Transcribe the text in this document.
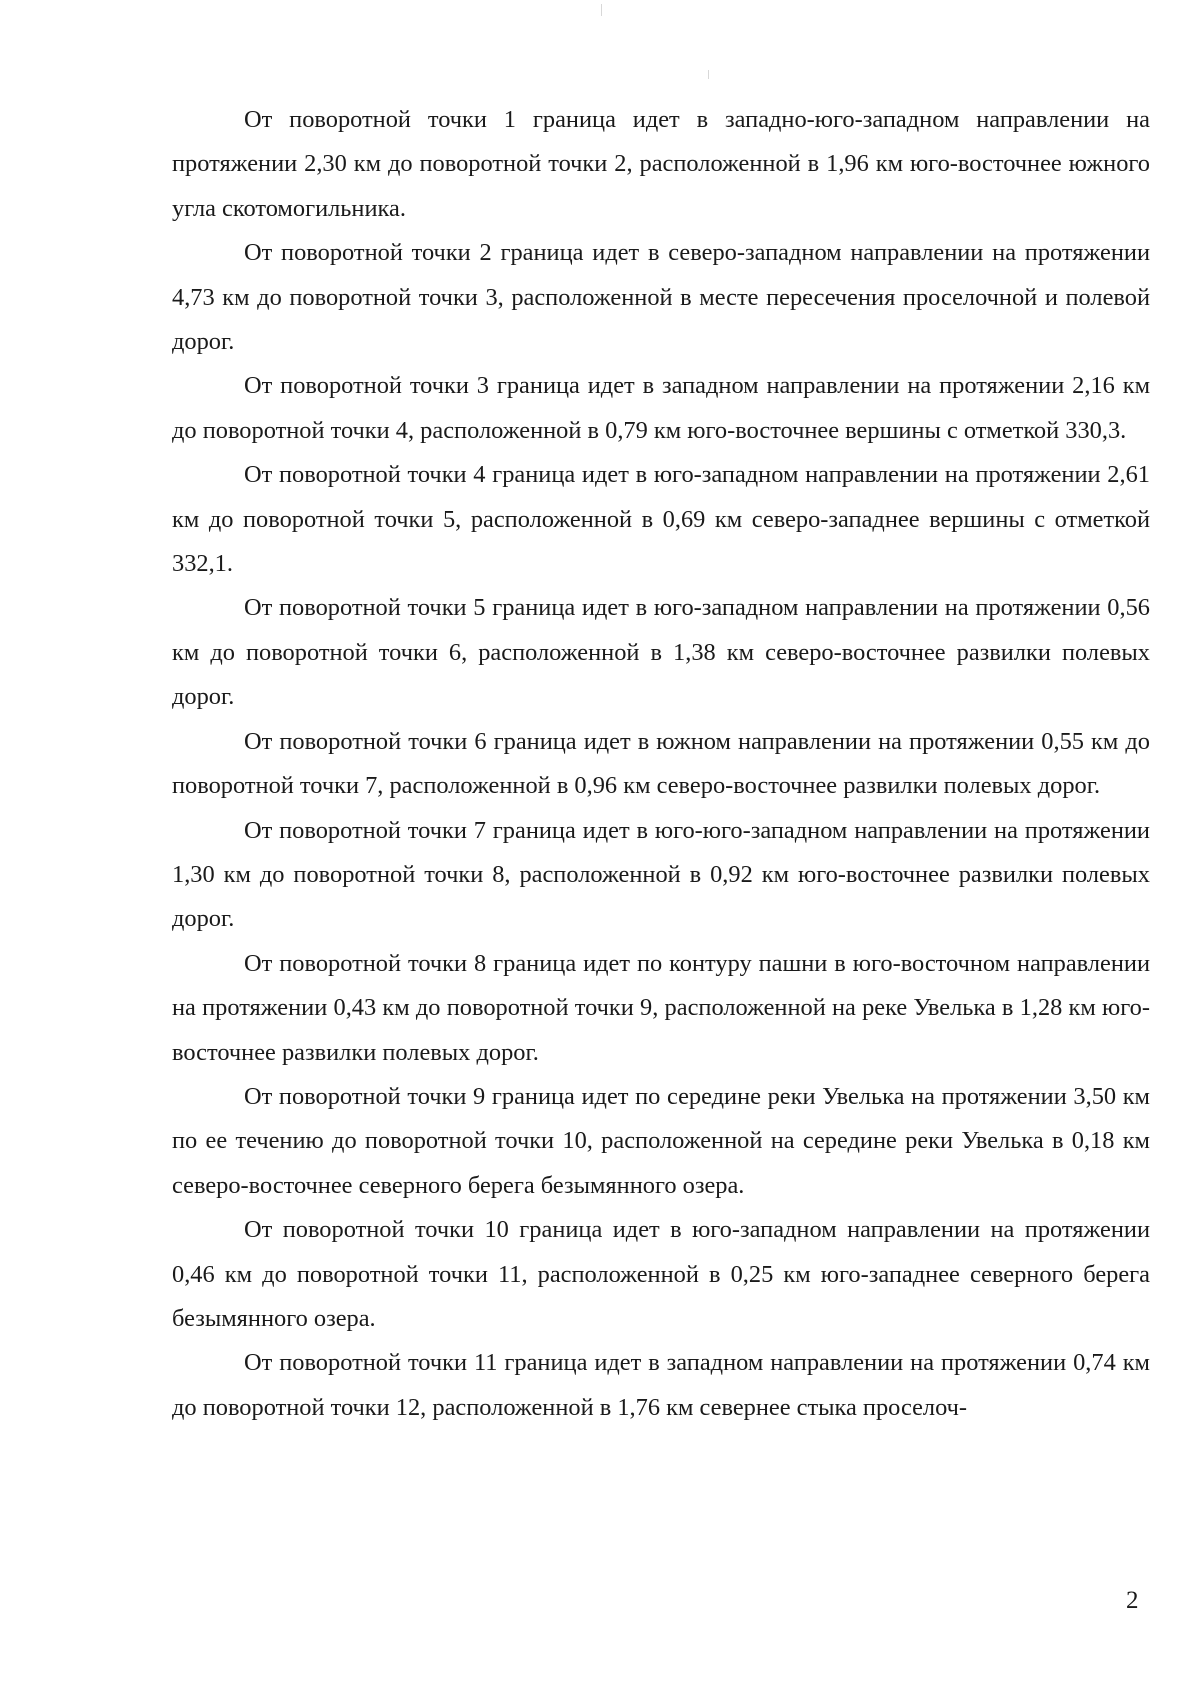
От поворотной точки 1 граница идет в западно-юго-западном направлении на протяжении 2,30 км до поворотной точки 2, расположенной в 1,96 км юго-восточнее южного угла скотомогильника.

От поворотной точки 2 граница идет в северо-западном направлении на протяжении 4,73 км до поворотной точки 3, расположенной в месте пересечения проселочной и полевой дорог.

От поворотной точки 3 граница идет в западном направлении на протяжении 2,16 км до поворотной точки 4, расположенной в 0,79 км юго-восточнее вершины с отметкой 330,3.

От поворотной точки 4 граница идет в юго-западном направлении на протяжении 2,61 км до поворотной точки 5, расположенной в 0,69 км северо-западнее вершины с отметкой 332,1.

От поворотной точки 5 граница идет в юго-западном направлении на протяжении 0,56 км до поворотной точки 6, расположенной в 1,38 км северо-восточнее развилки полевых дорог.

От поворотной точки 6 граница идет в южном направлении на протяжении 0,55 км до поворотной точки 7, расположенной в 0,96 км северо-восточнее развилки полевых дорог.

От поворотной точки 7 граница идет в юго-юго-западном направлении на протяжении 1,30 км до поворотной точки 8, расположенной в 0,92 км юго-восточнее развилки полевых дорог.

От поворотной точки 8 граница идет по контуру пашни в юго-восточном направлении на протяжении 0,43 км до поворотной точки 9, расположенной на реке Увелька в 1,28 км юго-восточнее развилки полевых дорог.

От поворотной точки 9 граница идет по середине реки Увелька на протяжении 3,50 км по ее течению до поворотной точки 10, расположенной на середине реки Увелька в 0,18 км северо-восточнее северного берега безымянного озера.

От поворотной точки 10 граница идет в юго-западном направлении на протяжении 0,46 км до поворотной точки 11, расположенной в 0,25 км юго-западнее северного берега безымянного озера.

От поворотной точки 11 граница идет в западном направлении на протяжении 0,74 км до поворотной точки 12, расположенной в 1,76 км севернее стыка проселоч-

2
